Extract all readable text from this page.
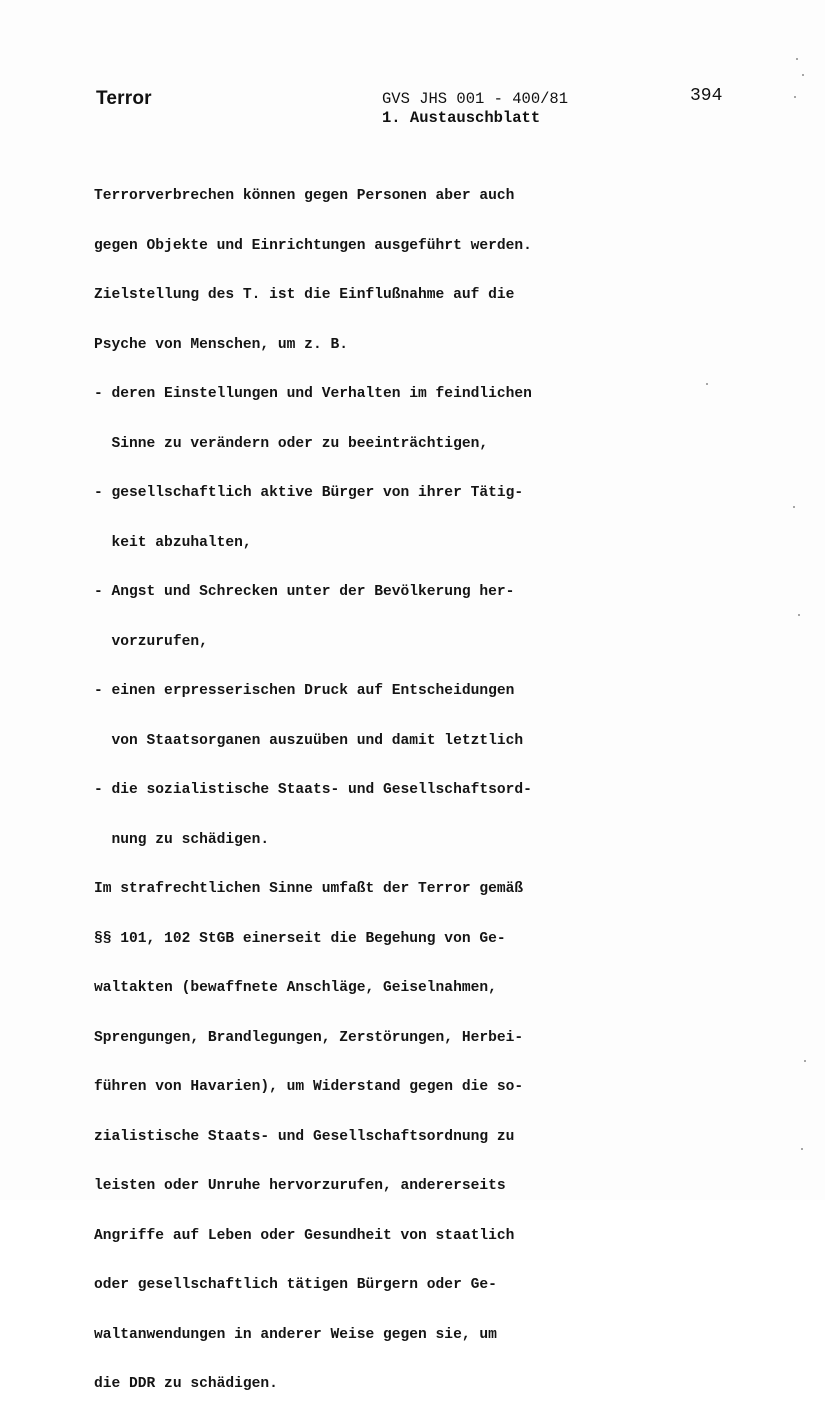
Terror	GVS JHS 001 - 400/81
1. Austauschblatt
394

Terrorverbrechen können gegen Personen aber auch

gegen Objekte und Einrichtungen ausgeführt werden.

Zielstellung des T. ist die Einflußnahme auf die

Psyche von Menschen, um z. B.

- deren Einstellungen und Verhalten im feindlichen

Sinne zu verändern oder zu beeinträchtigen,

- gesellschaftlich aktive Bürger von ihrer Tätig-

keit abzuhalten,

- Angst und Schrecken unter der Bevölkerung her-

vorzurufen,

- einen erpresserischen Druck auf Entscheidungen

von Staatsorganen auszuüben und damit letztlich

- die sozialistische Staats- und Gesellschaftsord-

nung zu schädigen.

Im strafrechtlichen Sinne umfaßt der Terror gemäß

§§ 101, 102 StGB einerseit die Begehung von Ge-

waltakten (bewaffnete Anschläge, Geiselnahmen,

Sprengungen, Brandlegungen, Zerstörungen, Herbei-

führen von Havarien), um Widerstand gegen die so-

zialistische Staats- und Gesellschaftsordnung zu

leisten oder Unruhe hervorzurufen, andererseits

Angriffe auf Leben oder Gesundheit von staatlich

oder gesellschaftlich tätigen Bürgern oder Ge-

waltanwendungen in anderer Weise gegen sie, um

die DDR zu schädigen.
